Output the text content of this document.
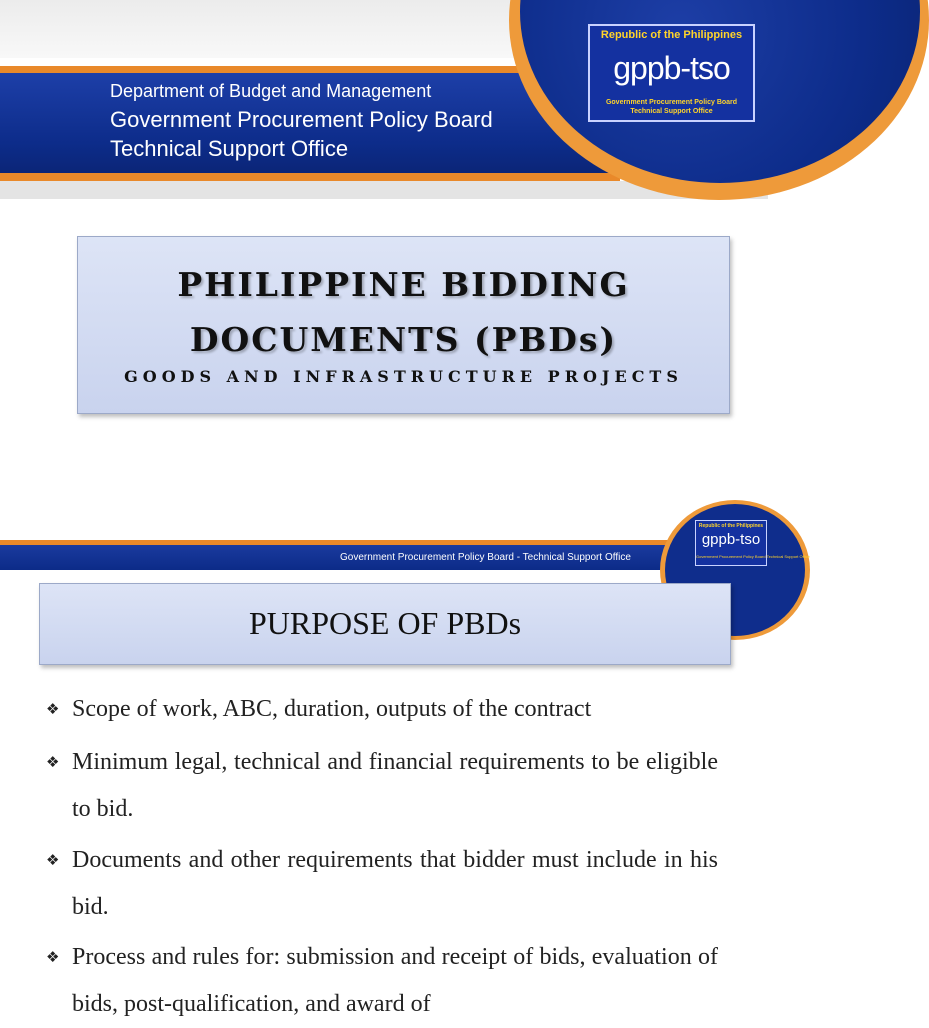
Department of Budget and Management
Government Procurement Policy Board
Technical Support Office
Republic of the Philippines
gppb-tso
Government Procurement Policy Board
Technical Support Office
PHILIPPINE BIDDING
DOCUMENTS (PBDs)
GOODS AND INFRASTRUCTURE PROJECTS
Government Procurement Policy Board - Technical Support Office
Republic of the Philippines
gppb-tso
Government Procurement Policy Board Technical Support Office
PURPOSE OF PBDs
❖ Scope of work, ABC, duration, outputs of the contract
❖ Minimum legal, technical and financial requirements to be eligible to bid.
❖ Documents and other requirements that bidder must include in his bid.
❖ Process and rules for: submission and receipt of bids, evaluation of bids, post-qualification, and award of
